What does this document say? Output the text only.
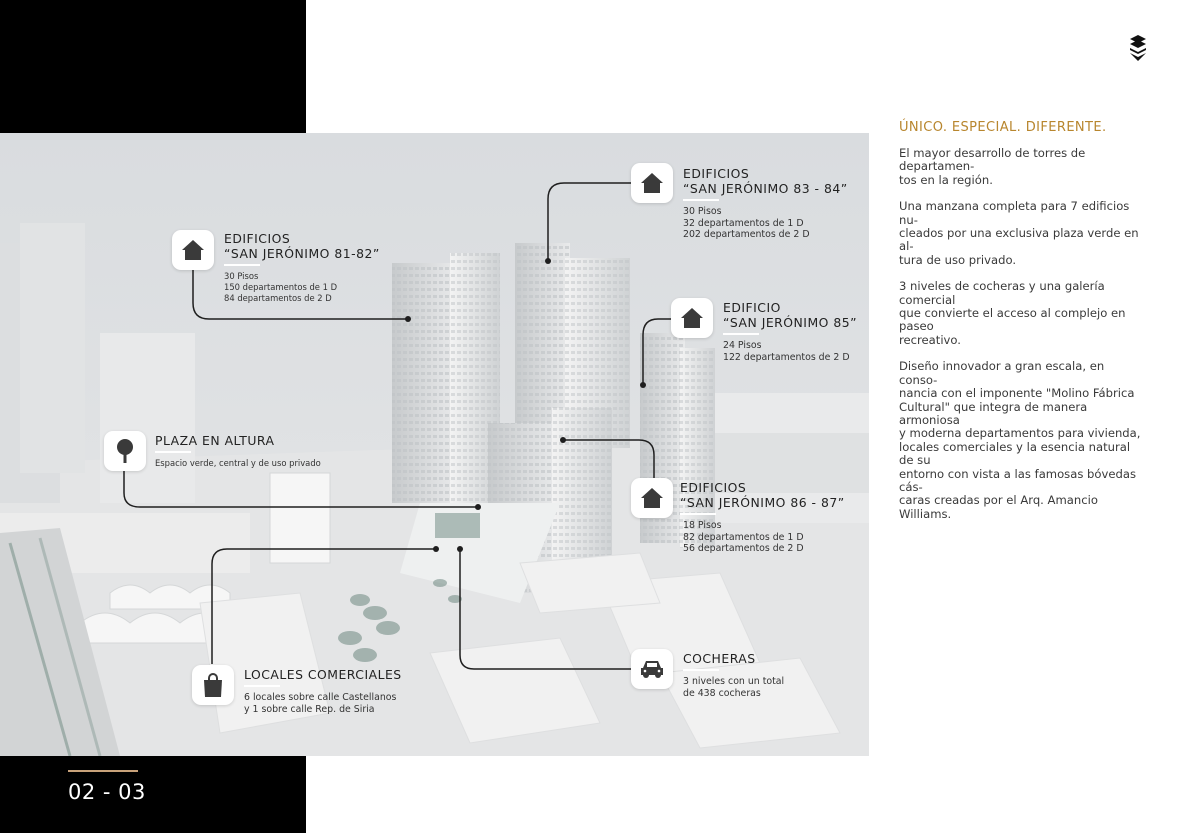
02 - 03
EDIFICIOS
“SAN JERÓNIMO 81-82”
30 Pisos
150 departamentos de 1 D
84 departamentos de 2 D
EDIFICIOS
“SAN JERÓNIMO 83 - 84”
30 Pisos
32 departamentos de 1 D
202 departamentos de 2 D
EDIFICIO
“SAN JERÓNIMO 85”
24 Pisos
122 departamentos de 2 D
PLAZA EN ALTURA
Espacio verde, central y de uso privado
EDIFICIOS
“SAN JERÓNIMO 86 - 87”
18 Pisos
82 departamentos de 1 D
56 departamentos de 2 D
COCHERAS
3 niveles con un total
de 438 cocheras
LOCALES COMERCIALES
6 locales sobre calle Castellanos
y 1 sobre calle Rep. de Siria
ÚNICO. ESPECIAL. DIFERENTE.

El mayor desarrollo de torres de departamen-
tos en la región.

Una manzana completa para 7 edificios nu-
cleados por una exclusiva plaza verde en al-
tura de uso privado.

3 niveles de cocheras y una galería comercial
que convierte el acceso al complejo en paseo
recreativo.

Diseño innovador a gran escala, en conso-
nancia con el imponente "Molino Fábrica
Cultural" que integra de manera armoniosa
y moderna departamentos para vivienda,
locales comerciales y la esencia natural de su
entorno con vista a las famosas bóvedas cás-
caras creadas por el Arq. Amancio Williams.
